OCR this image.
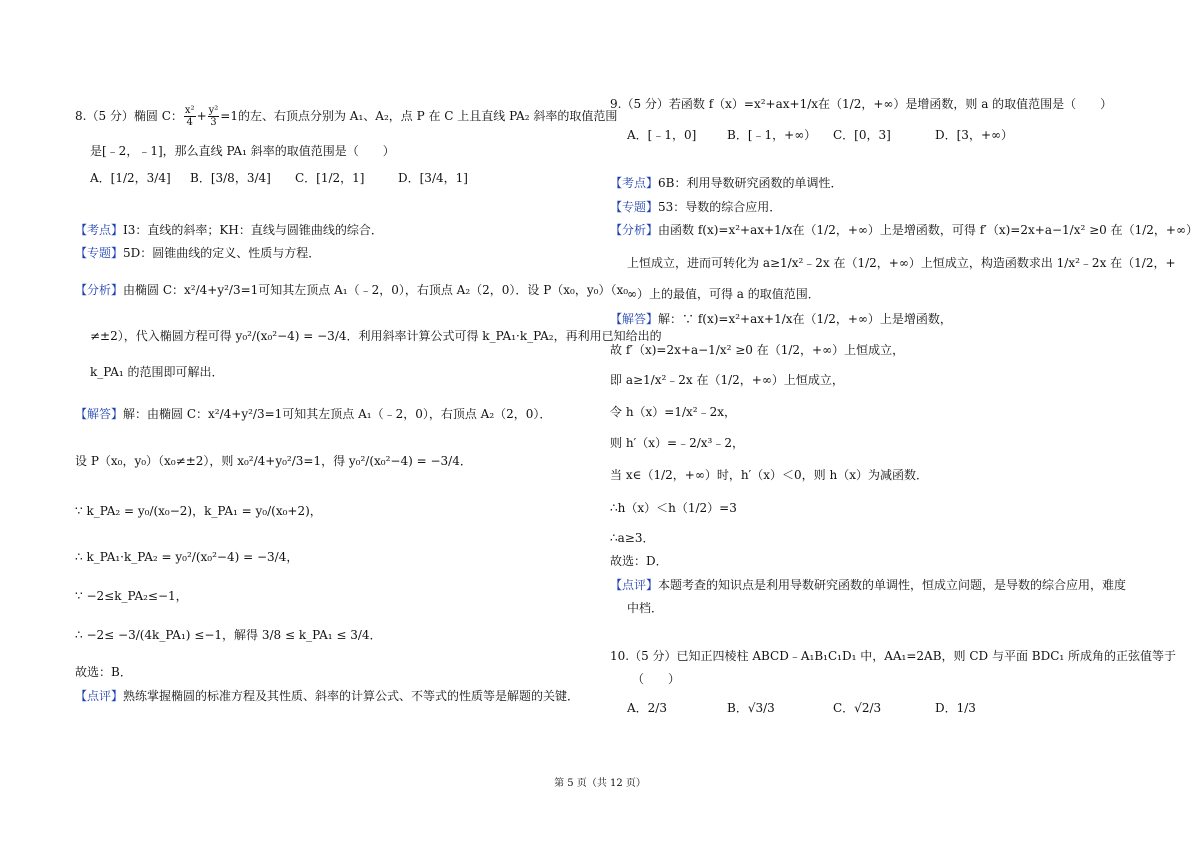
8.（5 分）椭圆 C： $\frac{\text{x²}}{4} + \frac{\text{y²}}{3} =1$的左、右顶点分别为 A₁、A₂，点 P 在 C 上且直线 PA₂ 斜率的取值范围
是[﹣2，﹣1]，那么直线 PA₁ 斜率的取值范围是（　　）
A．[1/2，3/4] B．[3/8，3/4] C．[1/2，1]	D．[3/4，1]
【考点】I3：直线的斜率；KH：直线与圆锥曲线的综合．
【专题】5D：圆锥曲线的定义、性质与方程．
【分析】由椭圆 C：x²/4+y²/3=1可知其左顶点 A₁（﹣2，0），右顶点 A₂（2，0）．设 P（x₀，y₀）（x₀
≠±2），代入椭圆方程可得 y₀²/(x₀²−4) = −3/4．利用斜率计算公式可得 k_PA₁·k_PA₂，再利用已知给出的
k_PA₁ 的范围即可解出．
【解答】解：由椭圆 C：x²/4+y²/3=1可知其左顶点 A₁（﹣2，0），右顶点 A₂（2，0）．
设 P（x₀，y₀）（x₀≠±2），则 x₀²/4+y₀²/3=1，得 y₀²/(x₀²−4) = −3/4．
∵ k_PA₂ = y₀/(x₀−2)，k_PA₁ = y₀/(x₀+2)，
∴ k_PA₁·k_PA₂ = y₀²/(x₀²−4) = −3/4，
∵ −2≤k_PA₂≤−1，
∴ −2≤ −3/(4k_PA₁) ≤−1，解得 3/8 ≤ k_PA₁ ≤ 3/4．
故选：B．
【点评】熟练掌握椭圆的标准方程及其性质、斜率的计算公式、不等式的性质等是解题的关键．
9.（5 分）若函数 f（x）=x²+ax+1/x在（1/2，+∞）是增函数，则 a 的取值范围是（　　）
A．[﹣1，0]	B．[﹣1，+∞） C．[0，3]	D．[3，+∞）
【考点】6B：利用导数研究函数的单调性．
【专题】53：导数的综合应用．
【分析】由函数 f(x)=x²+ax+1/x在（1/2，+∞）上是增函数，可得 f′（x)=2x+a−1/x² ≥0 在（1/2，+∞）
上恒成立，进而可转化为 a≥1/x²﹣2x 在（1/2，+∞）上恒成立，构造函数求出 1/x²﹣2x 在（1/2，+
∞）上的最值，可得 a 的取值范围．
【解答】解：∵ f(x)=x²+ax+1/x在（1/2，+∞）上是增函数，
故 f′（x)=2x+a−1/x² ≥0 在（1/2，+∞）上恒成立，
即 a≥1/x²﹣2x 在（1/2，+∞）上恒成立，
令 h（x）=1/x²﹣2x，
则 h′（x）=﹣2/x³﹣2，
当 x∈（1/2，+∞）时，h′（x）＜0，则 h（x）为减函数．
∴h（x）＜h（1/2）=3
∴a≥3．
故选：D．
【点评】本题考查的知识点是利用导数研究函数的单调性，恒成立问题，是导数的综合应用，难度
中档．
10.（5 分）已知正四棱柱 ABCD﹣A₁B₁C₁D₁ 中，AA₁=2AB，则 CD 与平面 BDC₁ 所成角的正弦值等于
（　　）
A．2/3	B．√3/3	C．√2/3	D．1/3
第 5 页（共 12 页）
